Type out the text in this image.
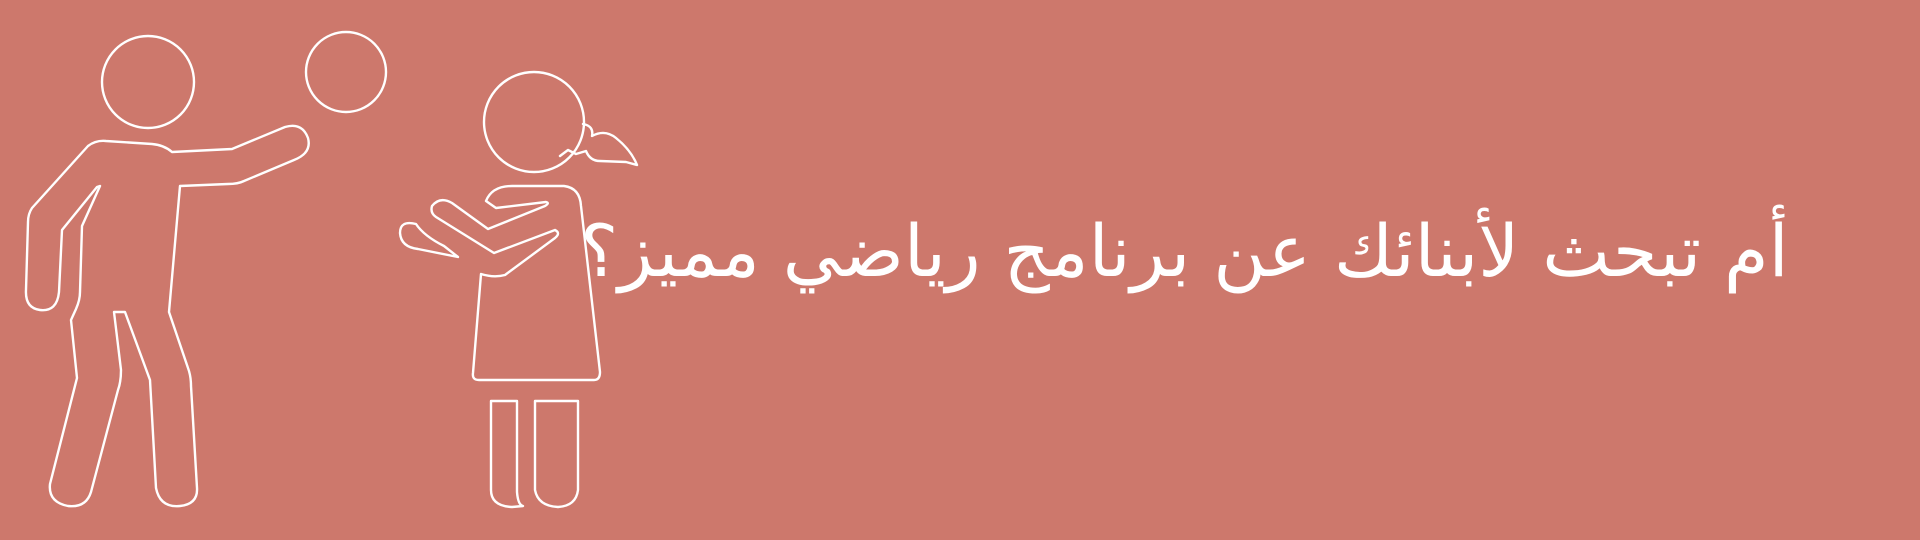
أم تبحث لأبنائك عن برنامج رياضي مميز؟
